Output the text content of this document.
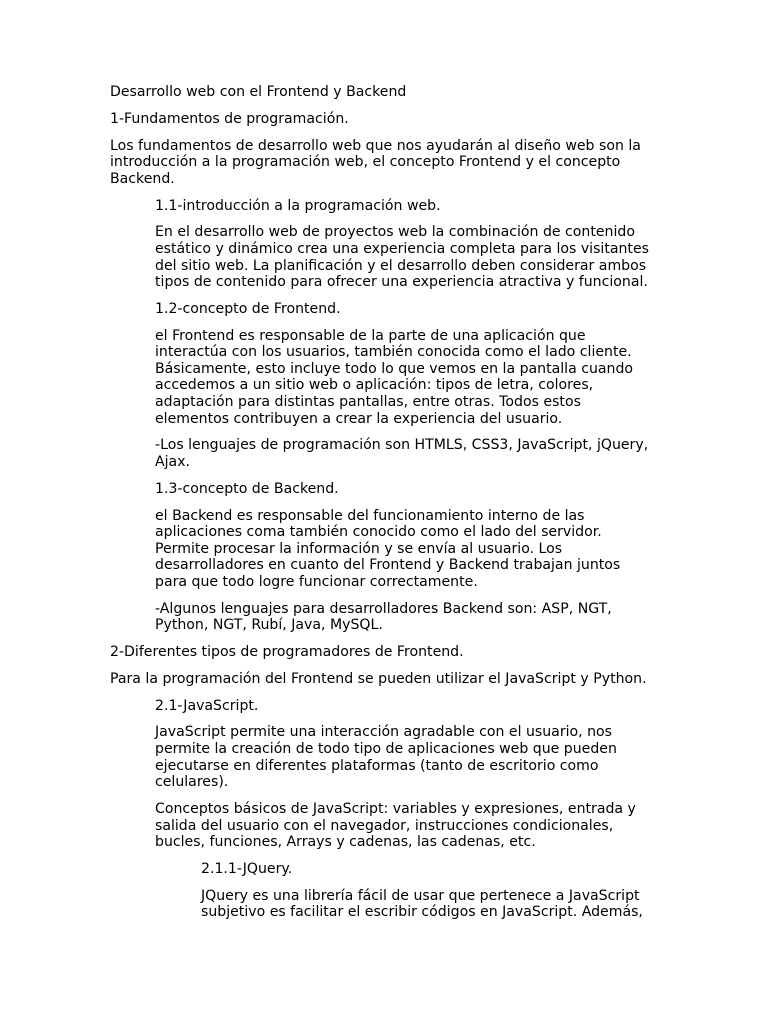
Desarrollo web con el Frontend y Backend

1-Fundamentos de programación.

Los fundamentos de desarrollo web que nos ayudarán al diseño web son la
introducción a la programación web, el concepto Frontend y el concepto
Backend.

1.1-introducción a la programación web.

En el desarrollo web de proyectos web la combinación de contenido
estático y dinámico crea una experiencia completa para los visitantes
del sitio web. La planificación y el desarrollo deben considerar ambos
tipos de contenido para ofrecer una experiencia atractiva y funcional.

1.2-concepto de Frontend.

el Frontend es responsable de la parte de una aplicación que
interactúa con los usuarios, también conocida como el lado cliente.
Básicamente, esto incluye todo lo que vemos en la pantalla cuando
accedemos a un sitio web o aplicación: tipos de letra, colores,
adaptación para distintas pantallas, entre otras. Todos estos
elementos contribuyen a crear la experiencia del usuario.

-Los lenguajes de programación son HTMLS, CSS3, JavaScript, jQuery,
Ajax.

1.3-concepto de Backend.

el Backend es responsable del funcionamiento interno de las
aplicaciones coma también conocido como el lado del servidor.
Permite procesar la información y se envía al usuario. Los
desarrolladores en cuanto del Frontend y Backend trabajan juntos
para que todo logre funcionar correctamente.

-Algunos lenguajes para desarrolladores Backend son: ASP, NGT,
Python, NGT, Rubí, Java, MySQL.

2-Diferentes tipos de programadores de Frontend.

Para la programación del Frontend se pueden utilizar el JavaScript y Python.

2.1-JavaScript.

JavaScript permite una interacción agradable con el usuario, nos
permite la creación de todo tipo de aplicaciones web que pueden
ejecutarse en diferentes plataformas (tanto de escritorio como
celulares).

Conceptos básicos de JavaScript: variables y expresiones, entrada y
salida del usuario con el navegador, instrucciones condicionales,
bucles, funciones, Arrays y cadenas, las cadenas, etc.

2.1.1-JQuery.

JQuery es una librería fácil de usar que pertenece a JavaScript
subjetivo es facilitar el escribir códigos en JavaScript. Además,
